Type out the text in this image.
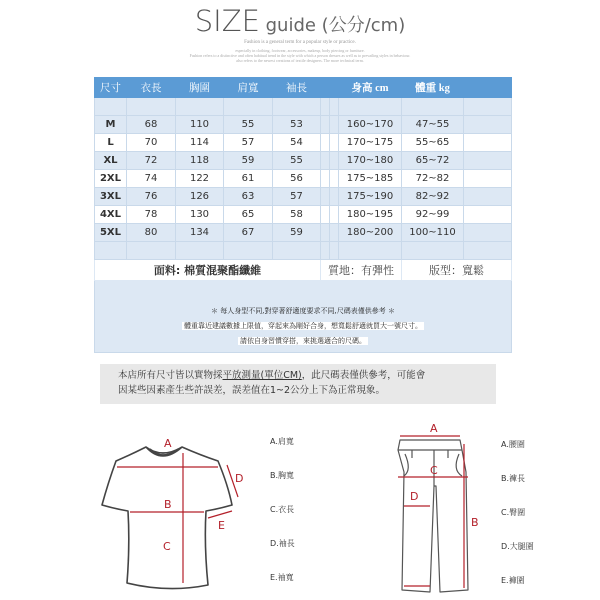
SIZE guide (公分/cm)
Fashion is a general term for a popular style or practice.
especially in clothing, footwear, accessories, makeup, body piercing or furniture.
Fashion refers to a distinctive and often habitual trend in the style with which a person dresses as well as to prevailing styles in behaviour.
also refers to the newest creations of textile designers. The more technical term.
尺寸	衣長	胸圍	肩寬	袖長			身高 cm	體重 kg	

M	68	110	55	53			160~170	47~55	
L	70	114	57	54			170~175	55~65	
XL	72	118	59	55			170~180	65~72	
2XL	74	122	61	56			175~185	72~82	
3XL	76	126	63	57			175~190	82~92	
4XL	78	130	65	58			180~195	92~99	
5XL	80	134	67	59			180~200	100~110	

面料: 棉質混聚酯纖維					質地：有彈性			版型：寬鬆	

＊ 每人身型不同,對穿著舒適度要求不同,尺碼表僅供參考 ＊
體重靠近建議數據上限值，穿起來為剛好合身，想寬鬆舒適就買大一號尺寸。
請依自身習慣穿搭，來挑選適合的尺碼。									
本店所有尺寸皆以實物採平放測量(單位CM)，此尺碼表僅供參考，可能會
因某些因素產生些許誤差，誤差值在1~2公分上下為正常現象。
A
B
C
D
E
A.肩寬
B.胸寬
C.衣長
D.袖長
E.袖寬
A
B
C
D
A.腰圍
B.褲長
C.臀圍
D.大腿圍
E.褲圍
